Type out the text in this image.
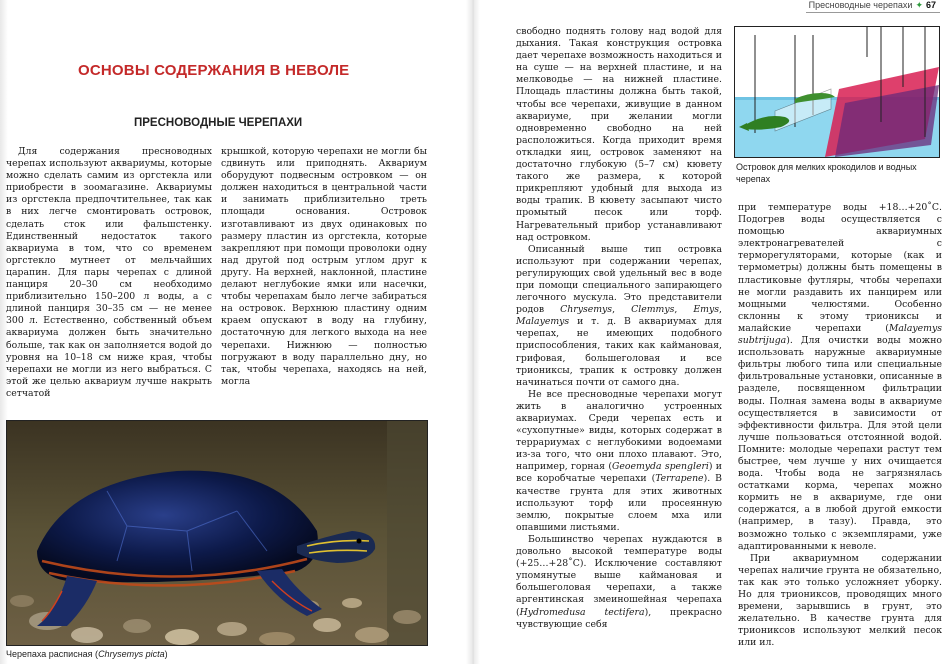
Пресноводные черепахи ✦ 67
ОСНОВЫ СОДЕРЖАНИЯ В НЕВОЛЕ
ПРЕСНОВОДНЫЕ ЧЕРЕПАХИ

Для содержания пресноводных черепах используют аквариумы, которые можно сделать самим из оргстекла или приобрести в зоомагазине. Аквариумы из оргстекла предпочтительнее, так как в них легче смонтировать островок, сделать сток или фальшстенку. Единственный недостаток такого аквариума в том, что со временем оргстекло мутнеет от мельчайших царапин. Для пары черепах с длиной панциря 20–30 см необходимо приблизительно 150–200 л воды, а с длиной панциря 30–35 см — не менее 300 л. Естественно, собственный объем аквариума должен быть значительно больше, так как он заполняется водой до уровня на 10–18 см ниже края, чтобы черепахи не могли из него выбраться. С этой же целью аквариум лучше накрыть сетчатой

крышкой, которую черепахи не могли бы сдвинуть или приподнять. Аквариум оборудуют подвесным островком — он должен находиться в центральной части и занимать приблизительно треть площади основания. Островок изготавливают из двух одинаковых по размеру пластин из оргстекла, которые закрепляют при помощи проволоки одну над другой под острым углом друг к другу. На верхней, наклонной, пластине делают неглубокие ямки или насечки, чтобы черепахам было легче забираться на островок. Верхнюю пластину одним краем опускают в воду на глубину, достаточную для легкого выхода на нее черепахи. Нижнюю — полностью погружают в воду параллельно дну, но так, чтобы черепаха, находясь на ней, могла

Черепаха расписная (Chrysemys picta)

свободно поднять голову над водой для дыхания. Такая конструкция островка дает черепахе возможность находиться и на суше — на верхней пластине, и на мелководье — на нижней пластине. Площадь пластины должна быть такой, чтобы все черепахи, живущие в данном аквариуме, при желании могли одновременно свободно на ней расположиться. Когда приходит время откладки яиц, островок заменяют на достаточно глубокую (5–7 см) кювету такого же размера, к которой прикрепляют удобный для выхода из воды трапик. В кювету засыпают чисто промытый песок или торф. Нагревательный прибор устанавливают над островком.

Описанный выше тип островка используют при содержании черепах, регулирующих свой удельный вес в воде при помощи специального запирающего легочного мускула. Это представители родов Chrysemys, Clemmys, Emys, Malayemys и т. д. В аквариумах для черепах, не имеющих подобного приспособления, таких как каймановая, грифовая, большеголовая и все триониксы, трапик к островку должен начинаться почти от самого дна.

Не все пресноводные черепахи могут жить в аналогично устроенных аквариумах. Среди черепах есть и «сухопутные» виды, которых содержат в террариумах с неглубокими водоемами из-за того, что они плохо плавают. Это, например, горная (Geoemyda spengleri) и все коробчатые черепахи (Terrapene). В качестве грунта для этих животных используют торф или просеянную землю, покрытые слоем мха или опавшими листьями.

Большинство черепах нуждаются в довольно высокой температуре воды (+25…+28˚С). Исключение составляют упомянутые выше каймановая и большеголовая черепахи, а также аргентинская змеиношейная черепаха (Hydromedusa tectifera), прекрасно чувствующие себя

Островок для мелких крокодилов и водных черепах

при температуре воды +18…+20˚С. Подогрев воды осуществляется с помощью аквариумных электронагревателей с терморегуляторами, которые (как и термометры) должны быть помещены в пластиковые футляры, чтобы черепахи не могли раздавить их панцирем или мощными челюстями. Особенно склонны к этому триониксы и малайские черепахи (Malayemys subtrijuga). Для очистки воды можно использовать наружные аквариумные фильтры любого типа или специальные фильтровальные установки, описанные в разделе, посвященном фильтрации воды. Полная замена воды в аквариуме осуществляется в зависимости от эффективности фильтра. Для этой цели лучше пользоваться отстоянной водой. Помните: молодые черепахи растут тем быстрее, чем лучше у них очищается вода. Чтобы вода не загрязнялась остатками корма, черепах можно кормить не в аквариуме, где они содержатся, а в любой другой емкости (например, в тазу). Правда, это возможно только с экземплярами, уже адаптированными к неволе.

При аквариумном содержании черепах наличие грунта не обязательно, так как это только усложняет уборку. Но для триониксов, проводящих много времени, зарывшись в грунт, это желательно. В качестве грунта для триониксов используют мелкий песок или ил.
